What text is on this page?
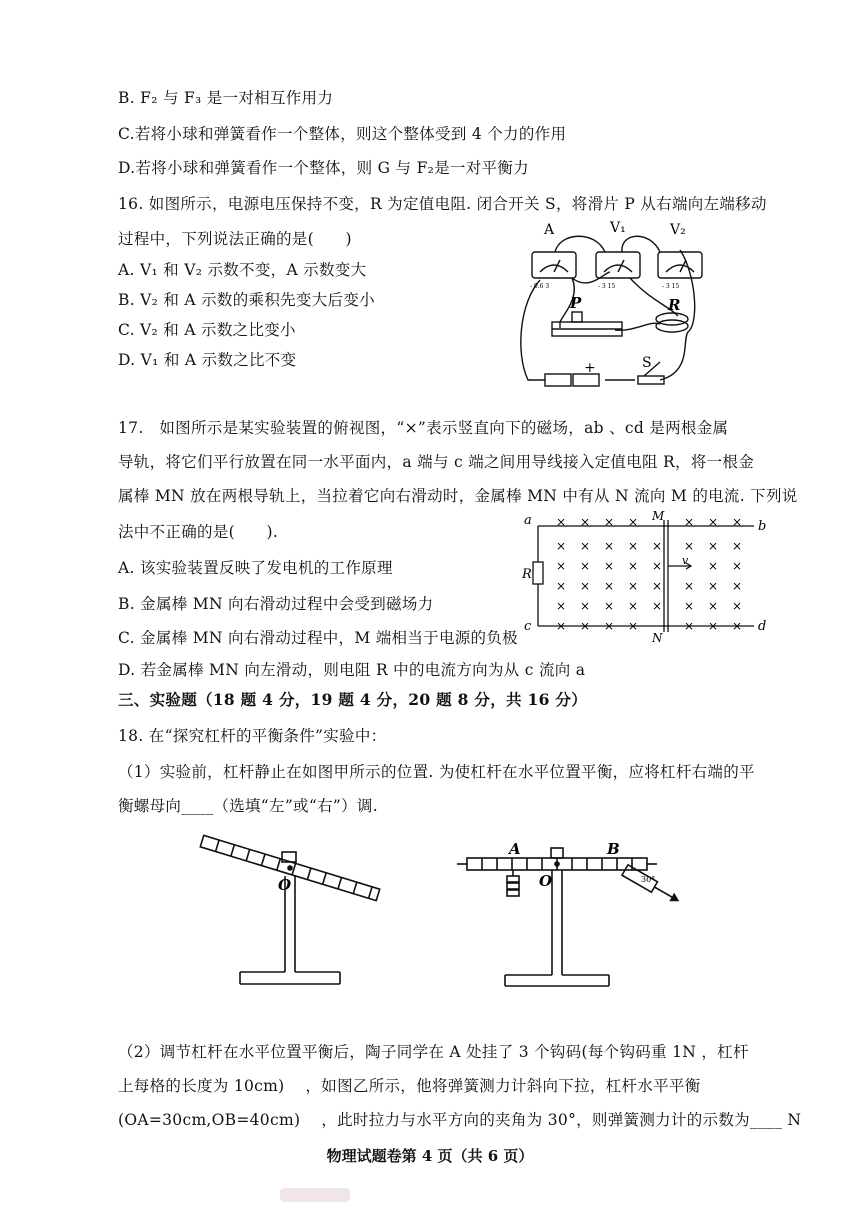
B. F₂ 与 F₃ 是一对相互作用力
C.若将小球和弹簧看作一个整体，则这个整体受到 4 个力的作用
D.若将小球和弹簧看作一个整体，则 G 与 F₂是一对平衡力
16. 如图所示，电源电压保持不变，R 为定值电阻. 闭合开关 S，将滑片 P 从右端向左端移动
过程中，下列说法正确的是(　　)
A. V₁ 和 V₂ 示数不变，A 示数变大
B. V₂ 和 A 示数的乘积先变大后变小
C. V₂ 和 A 示数之比变小
D. V₁ 和 A 示数之比不变
A	V₁	V₂
P	R
S
+
- 0.6 3	- 3 15	- 3 15
17.　如图所示是某实验装置的俯视图，“×”表示竖直向下的磁场，ab 、cd 是两根金属
导轨，将它们平行放置在同一水平面内，a 端与 c 端之间用导线接入定值电阻 R，将一根金
属棒 MN 放在两根导轨上，当拉着它向右滑动时，金属棒 MN 中有从 N 流向 M 的电流. 下列说
法中不正确的是(　　).
A. 该实验装置反映了发电机的工作原理
B. 金属棒 MN 向右滑动过程中会受到磁场力
C. 金属棒 MN 向右滑动过程中，M 端相当于电源的负极
D. 若金属棒 MN 向左滑动，则电阻 R 中的电流方向为从 c 流向 a
× × × ×	× × ×
× × × × × × × ×
× × × × ×	× ×
× × × × × × × ×
× × × × × × × ×
× × × ×	× × ×
a	b
c	d
M
N
R
v
三、实验题（18 题 4 分，19 题 4 分，20 题 8 分，共 16 分）
18. 在“探究杠杆的平衡条件”实验中：
（1）实验前，杠杆静止在如图甲所示的位置. 为使杠杆在水平位置平衡，应将杠杆右端的平
衡螺母向____（选填“左”或“右”）调.
O	O
A	B
30°
（2）调节杠杆在水平位置平衡后，陶子同学在 A 处挂了 3 个钩码(每个钩码重 1N ，杠杆
上每格的长度为 10cm) 　，如图乙所示，他将弹簧测力计斜向下拉，杠杆水平平衡
(OA=30cm,OB=40cm) 　，此时拉力与水平方向的夹角为 30°，则弹簧测力计的示数为____ N
物理试题卷第 4 页（共 6 页）
